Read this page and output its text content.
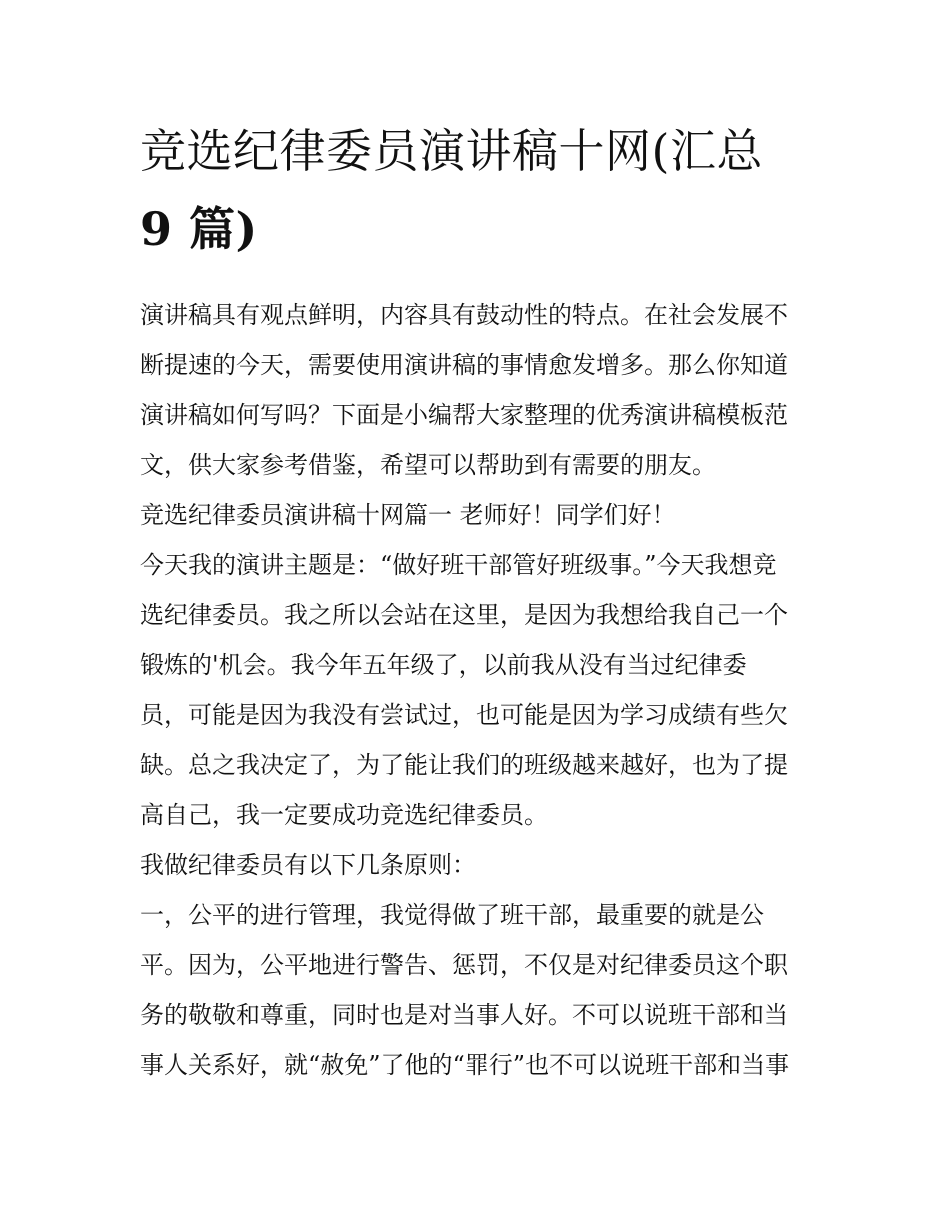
竞选纪律委员演讲稿十网(汇总
9 篇)
演讲稿具有观点鲜明，内容具有鼓动性的特点。在社会发展不
断提速的今天，需要使用演讲稿的事情愈发增多。那么你知道
演讲稿如何写吗？下面是小编帮大家整理的优秀演讲稿模板范
文，供大家参考借鉴，希望可以帮助到有需要的朋友。
竞选纪律委员演讲稿十网篇一 老师好！同学们好！
今天我的演讲主题是：“做好班干部管好班级事。”今天我想竞
选纪律委员。我之所以会站在这里，是因为我想给我自己一个
锻炼的'机会。我今年五年级了，以前我从没有当过纪律委
员，可能是因为我没有尝试过，也可能是因为学习成绩有些欠
缺。总之我决定了，为了能让我们的班级越来越好，也为了提
高自己，我一定要成功竞选纪律委员。
我做纪律委员有以下几条原则：
一，公平的进行管理，我觉得做了班干部，最重要的就是公
平。因为，公平地进行警告、惩罚，不仅是对纪律委员这个职
务的敬敬和尊重，同时也是对当事人好。不可以说班干部和当
事人关系好，就“赦免”了他的“罪行”也不可以说班干部和当事
